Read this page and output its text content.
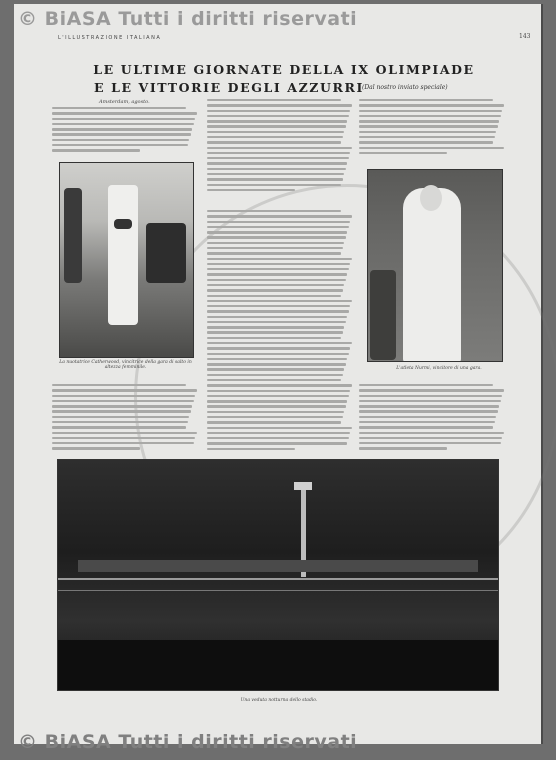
L'ILLUSTRAZIONE ITALIANA	143
LE ULTIME GIORNATE DELLA IX OLIMPIADE
E LE VITTORIE DEGLI AZZURRI
(Dal nostro inviato speciale)
Amsterdam, agosto.
La nuotatrice Catherwood, vincitrice della gara di salto in altezza femminile.	L'atleta Nurmi, vincitore di una gara.
Una veduta notturna dello stadio.
© BiASA Tutti i diritti riservati
© BiASA Tutti i diritti riservati
